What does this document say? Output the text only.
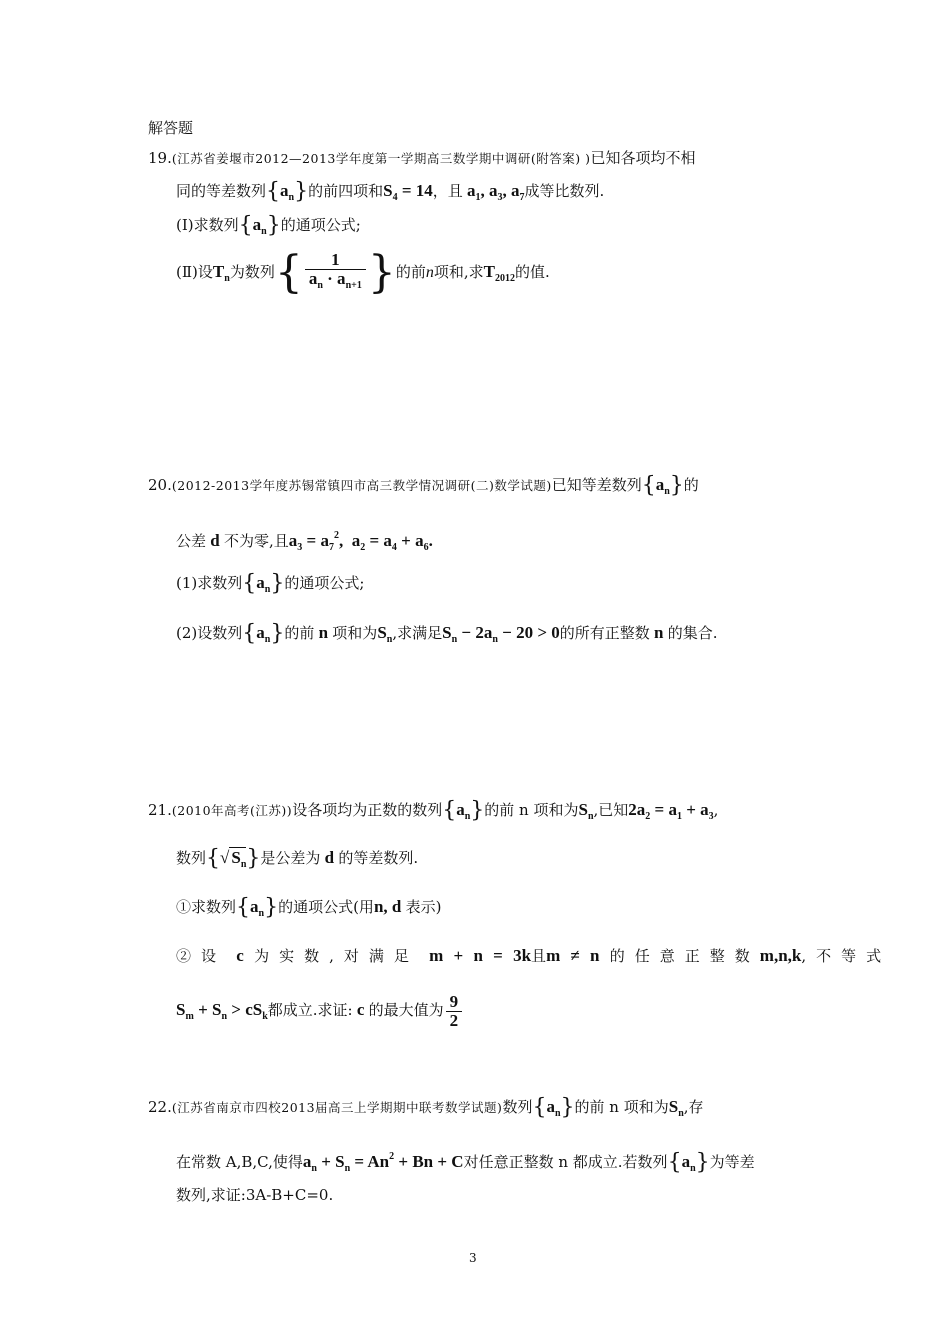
解答题
19.(江苏省姜堰市2012—2013学年度第一学期高三数学期中调研(附答案) )已知各项均不相
同的等差数列$\{a_n\}$的前四项和$S_4 = 14$，且 $a_1$, $a_3$, $a_7$成等比数列.
(Ⅰ)求数列$\{a_n\}$的通项公式;
(Ⅱ)设$T_n$为数列{ $\frac{1}{a_n \cdot a_{n+1}}$ }的前n项和,求$T_{2012}$的值.
20.(2012-2013学年度苏锡常镇四市高三教学情况调研(二)数学试题)已知等差数列$\{a_n\}$的
公差 d 不为零,且$a_3 = a_7^2$,  $a_2 = a_4 + a_6$.
(1)求数列$\{a_n\}$的通项公式;
(2)设数列$\{a_n\}$的前 n 项和为$S_n$,求满足$S_n - 2a_n - 20 > 0$的所有正整数 n 的集合.
21.(2010年高考(江苏))设各项均为正数的数列$\{a_n\}$的前 n 项和为$S_n$,已知$2a_2 = a_1 + a_3$,
数列{√ $S_n$}是公差为 d 的等差数列.
①求数列$\{a_n\}$的通项公式(用n, d 表示)
②设 c 为实数,对满足 m + n = 3k且m ≠ n 的任意正整数m,n,k,不等式
$S_m + S_n > cS_k$都成立.求证: c 的最大值为 $\frac{9}{2}$
22.(江苏省南京市四校2013届高三上学期期中联考数学试题)数列$\{a_n\}$的前 n 项和为$S_n$,存
在常数 A,B,C,使得$a_n + S_n = An^2 + Bn + C$对任意正整数 n 都成立.若数列$\{a_n\}$为等差
数列,求证:3A-B+C=0.
3
